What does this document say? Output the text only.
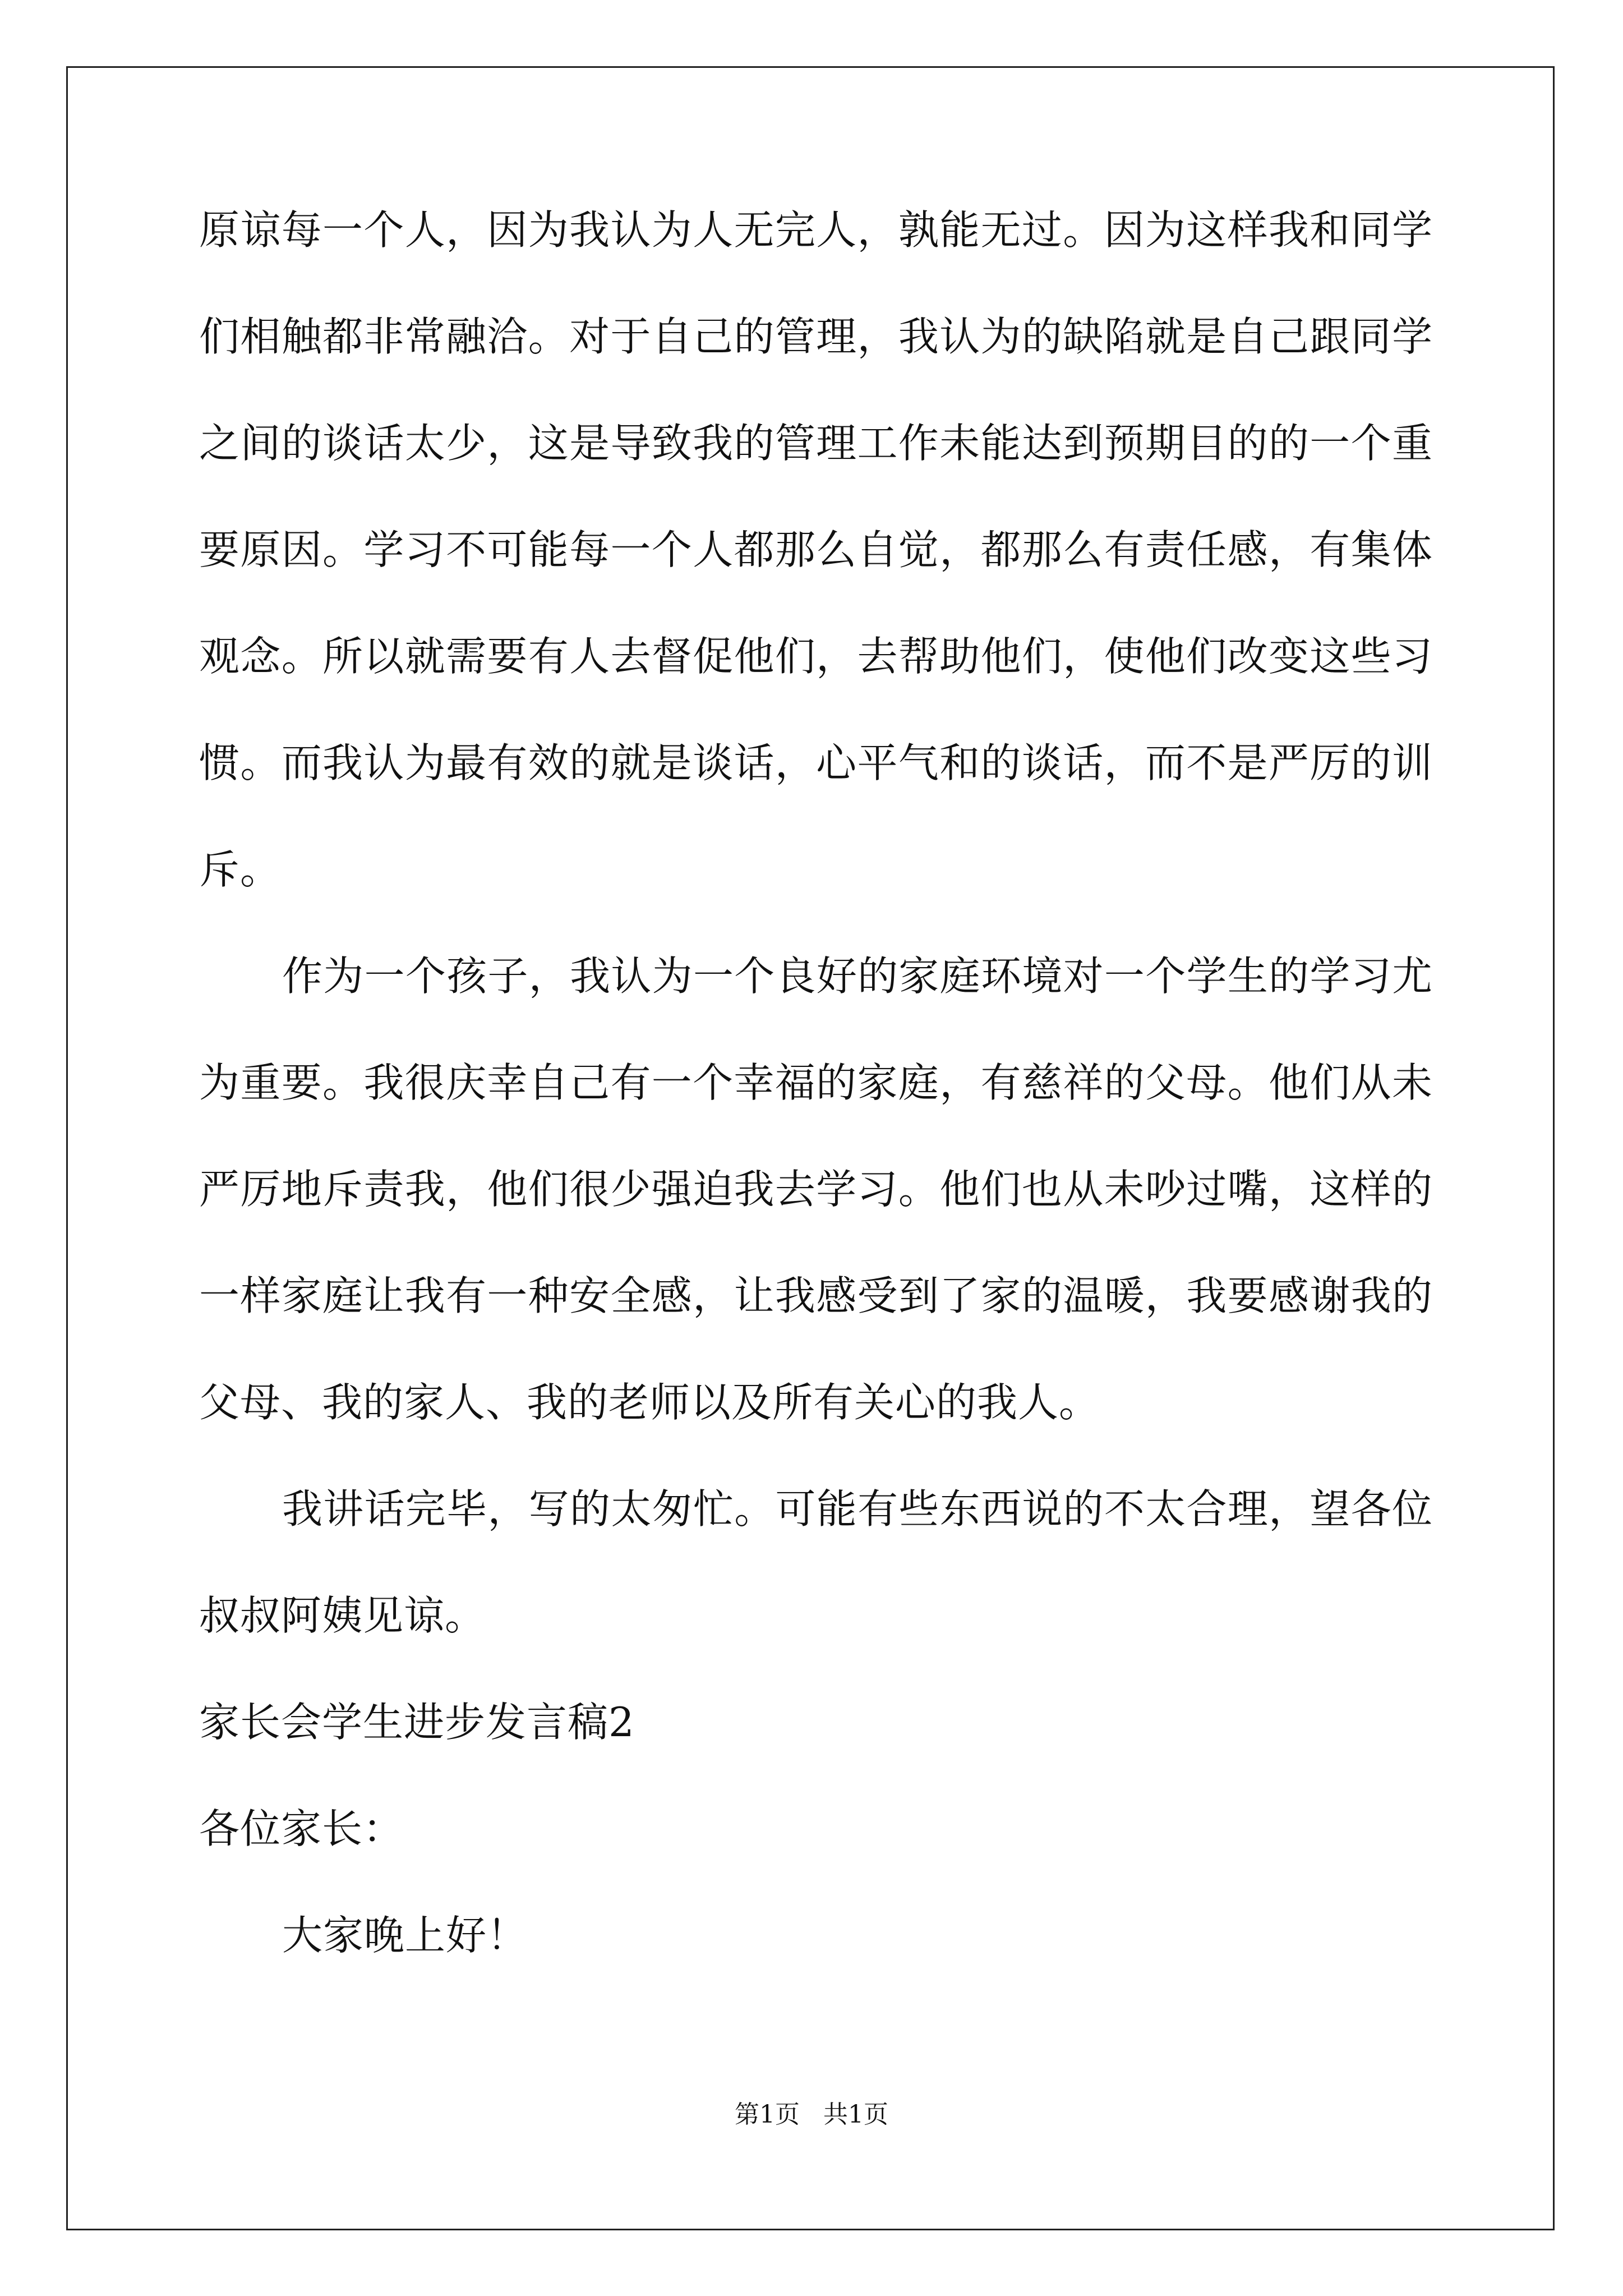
原谅每一个人，因为我认为人无完人，孰能无过。因为这样我和同学
们相触都非常融洽。对于自己的管理，我认为的缺陷就是自己跟同学
之间的谈话太少，这是导致我的管理工作未能达到预期目的的一个重
要原因。学习不可能每一个人都那么自觉，都那么有责任感，有集体
观念。所以就需要有人去督促他们，去帮助他们，使他们改变这些习
惯。而我认为最有效的就是谈话，心平气和的谈话，而不是严厉的训
斥。
作为一个孩子，我认为一个良好的家庭环境对一个学生的学习尤
为重要。我很庆幸自己有一个幸福的家庭，有慈祥的父母。他们从未
严厉地斥责我，他们很少强迫我去学习。他们也从未吵过嘴，这样的
一样家庭让我有一种安全感，让我感受到了家的温暖，我要感谢我的
父母、我的家人、我的老师以及所有关心的我人。
我讲话完毕，写的太匆忙。可能有些东西说的不太合理，望各位
叔叔阿姨见谅。
家长会学生进步发言稿2
各位家长：
大家晚上好！
第1页 共1页
